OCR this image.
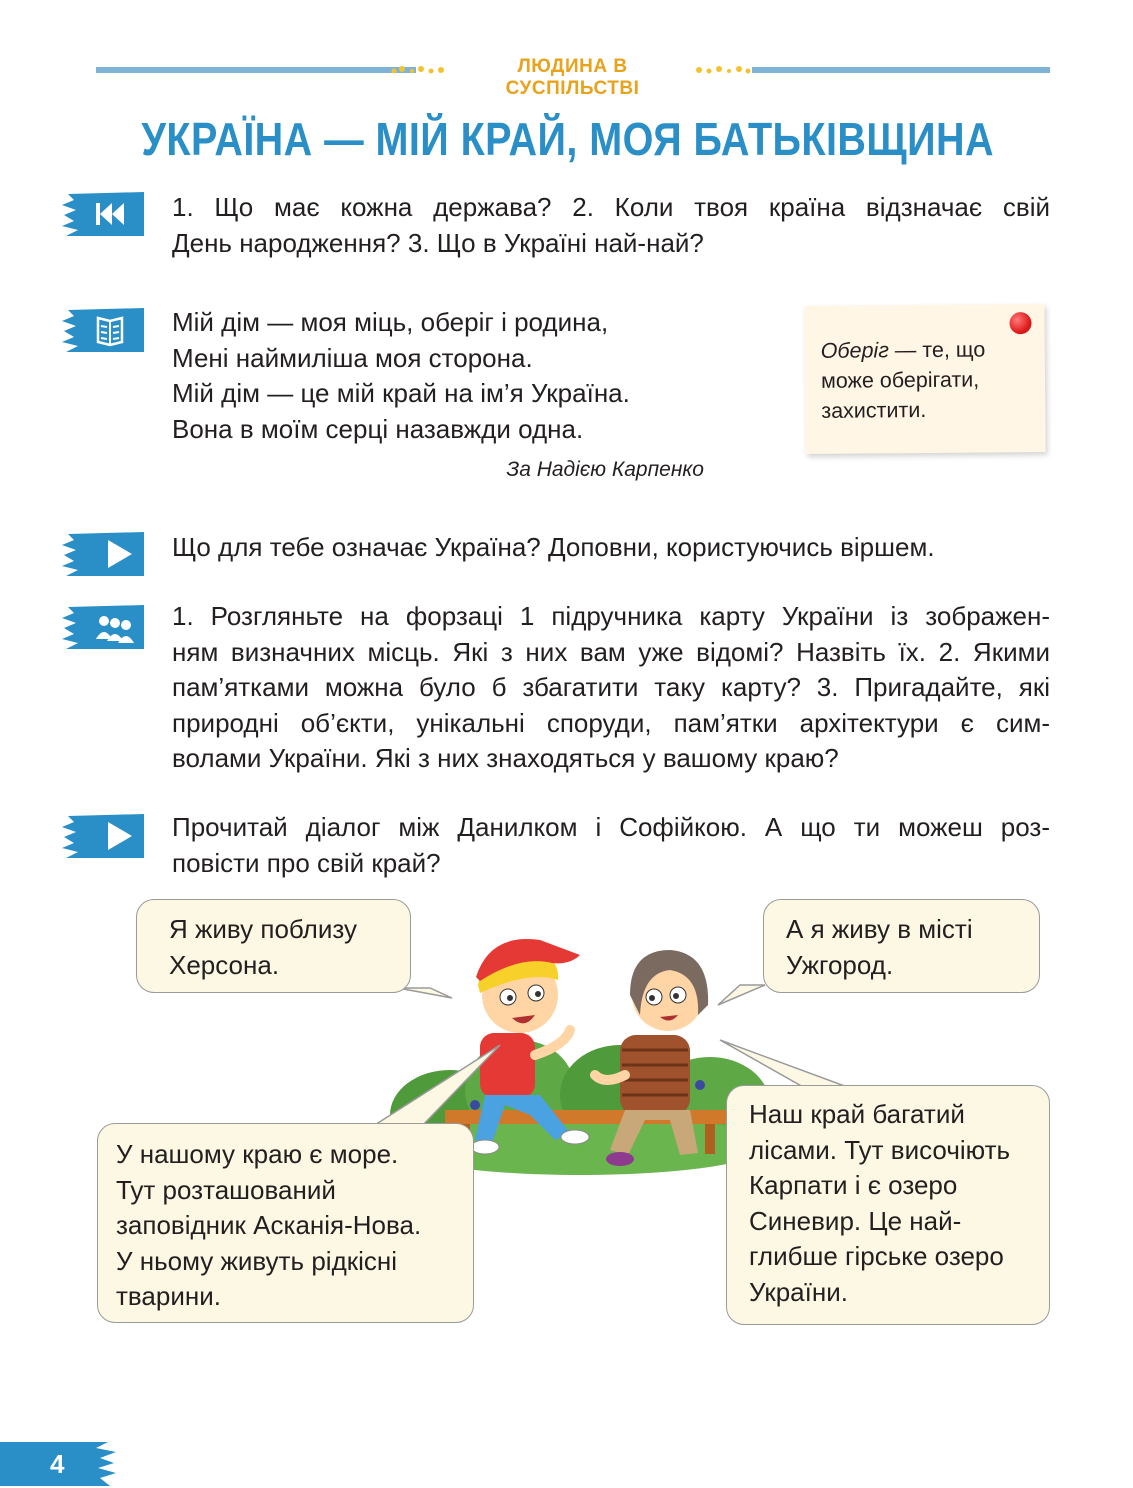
ЛЮДИНА В СУСПІЛЬСТВІ
УКРАЇНА — МІЙ КРАЙ, МОЯ БАТЬКІВЩИНА
1. Що має кожна держава? 2. Коли твоя країна відзначає свій
День народження? 3. Що в Україні най-най?
Мій дім — моя міць, оберіг і родина,
Мені наймиліша моя сторона.
Мій дім — це мій край на ім’я Україна.
Вона в моїм серці назавжди одна.
За Надією Карпенко
Оберіг — те, що може оберігати, захистити.
Що для тебе означає Україна? Доповни, користуючись віршем.
1. Розгляньте на форзаці 1 підручника карту України із зображен-
ням визначних місць. Які з них вам уже відомі? Назвіть їх. 2. Якими
пам’ятками можна було б збагатити таку карту? 3. Пригадайте, які
природні об’єкти, унікальні споруди, пам’ятки архітектури є сим-
волами України. Які з них знаходяться у вашому краю?
Прочитай діалог між Данилком і Софійкою. А що ти можеш роз-
повісти про свій край?
Я живу поблизу
Херсона.
А я живу в місті
Ужгород.
У нашому краю є море.
Тут розташований
заповідник Асканія-Нова.
У ньому живуть рідкісні
тварини.
Наш край багатий
лісами. Тут височіють
Карпати і є озеро
Синевир. Це най-
глибше гірське озеро
України.
4
